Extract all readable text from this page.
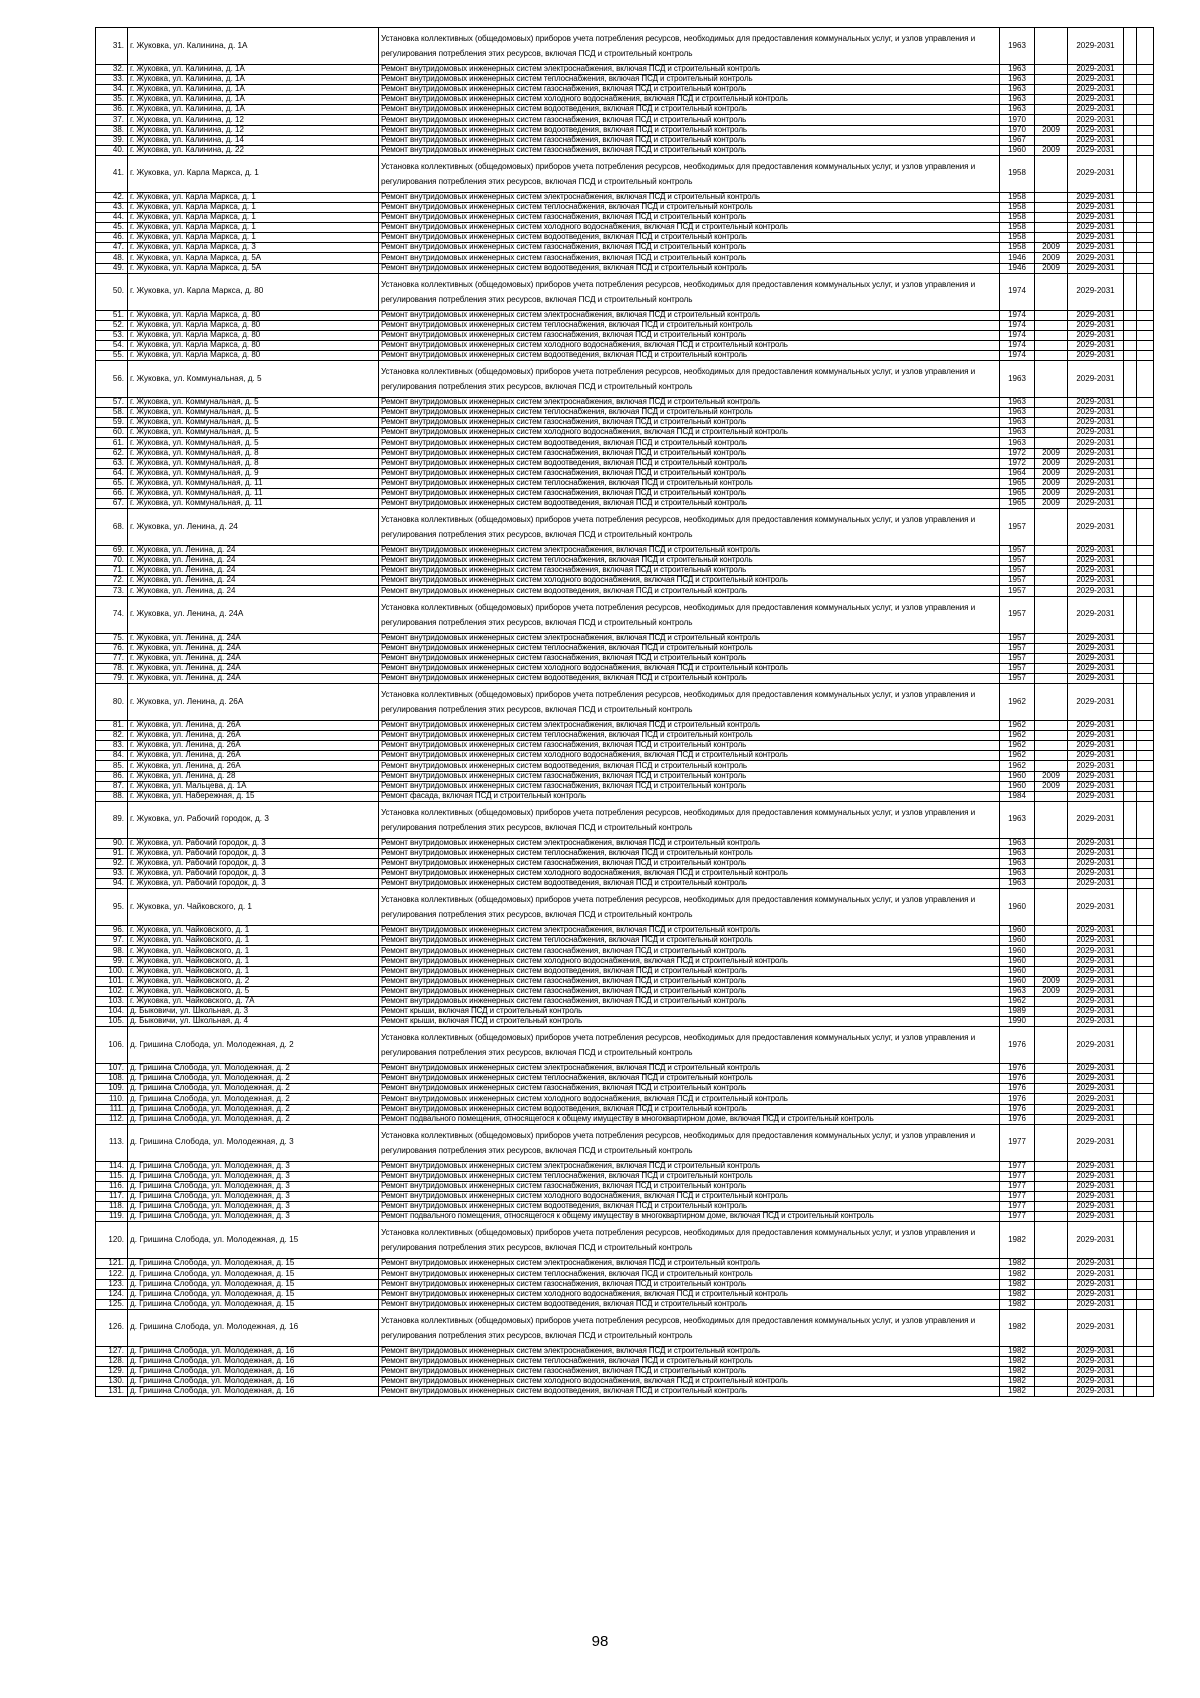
31.	г. Жуковка, ул. Калинина, д. 1А	Установка коллективных (общедомовых) приборов учета потребления ресурсов, необходимых для предоставления коммунальных услуг, и узлов управления и регулирования потребления этих ресурсов, включая ПСД и строительный контроль	1963		2029-2031		
32.	г. Жуковка, ул. Калинина, д. 1А	Ремонт внутридомовых инженерных систем электроснабжения, включая ПСД и строительный контроль	1963		2029-2031		
33.	г. Жуковка, ул. Калинина, д. 1А	Ремонт внутридомовых инженерных систем теплоснабжения, включая ПСД и строительный контроль	1963		2029-2031		
34.	г. Жуковка, ул. Калинина, д. 1А	Ремонт внутридомовых инженерных систем газоснабжения, включая ПСД и строительный контроль	1963		2029-2031		
35.	г. Жуковка, ул. Калинина, д. 1А	Ремонт внутридомовых инженерных систем холодного водоснабжения, включая ПСД и строительный контроль	1963		2029-2031		
36.	г. Жуковка, ул. Калинина, д. 1А	Ремонт внутридомовых инженерных систем водоотведения, включая ПСД и строительный контроль	1963		2029-2031		
37.	г. Жуковка, ул. Калинина, д. 12	Ремонт внутридомовых инженерных систем газоснабжения, включая ПСД и строительный контроль	1970		2029-2031		
38.	г. Жуковка, ул. Калинина, д. 12	Ремонт внутридомовых инженерных систем водоотведения, включая ПСД и строительный контроль	1970	2009	2029-2031		
39.	г. Жуковка, ул. Калинина, д. 14	Ремонт внутридомовых инженерных систем газоснабжения, включая ПСД и строительный контроль	1967		2029-2031		
40.	г. Жуковка, ул. Калинина, д. 22	Ремонт внутридомовых инженерных систем газоснабжения, включая ПСД и строительный контроль	1960	2009	2029-2031		
41.	г. Жуковка, ул. Карла Маркса, д. 1	Установка коллективных (общедомовых) приборов учета потребления ресурсов, необходимых для предоставления коммунальных услуг, и узлов управления и регулирования потребления этих ресурсов, включая ПСД и строительный контроль	1958		2029-2031		
42.	г. Жуковка, ул. Карла Маркса, д. 1	Ремонт внутридомовых инженерных систем электроснабжения, включая ПСД и строительный контроль	1958		2029-2031		
43.	г. Жуковка, ул. Карла Маркса, д. 1	Ремонт внутридомовых инженерных систем теплоснабжения, включая ПСД и строительный контроль	1958		2029-2031		
44.	г. Жуковка, ул. Карла Маркса, д. 1	Ремонт внутридомовых инженерных систем газоснабжения, включая ПСД и строительный контроль	1958		2029-2031		
45.	г. Жуковка, ул. Карла Маркса, д. 1	Ремонт внутридомовых инженерных систем холодного водоснабжения, включая ПСД и строительный контроль	1958		2029-2031		
46.	г. Жуковка, ул. Карла Маркса, д. 1	Ремонт внутридомовых инженерных систем водоотведения, включая ПСД и строительный контроль	1958		2029-2031		
47.	г. Жуковка, ул. Карла Маркса, д. 3	Ремонт внутридомовых инженерных систем газоснабжения, включая ПСД и строительный контроль	1958	2009	2029-2031		
48.	г. Жуковка, ул. Карла Маркса, д. 5А	Ремонт внутридомовых инженерных систем газоснабжения, включая ПСД и строительный контроль	1946	2009	2029-2031		
49.	г. Жуковка, ул. Карла Маркса, д. 5А	Ремонт внутридомовых инженерных систем водоотведения, включая ПСД и строительный контроль	1946	2009	2029-2031		
50.	г. Жуковка, ул. Карла Маркса, д. 80	Установка коллективных (общедомовых) приборов учета потребления ресурсов, необходимых для предоставления коммунальных услуг, и узлов управления и регулирования потребления этих ресурсов, включая ПСД и строительный контроль	1974		2029-2031		
51.	г. Жуковка, ул. Карла Маркса, д. 80	Ремонт внутридомовых инженерных систем электроснабжения, включая ПСД и строительный контроль	1974		2029-2031		
52.	г. Жуковка, ул. Карла Маркса, д. 80	Ремонт внутридомовых инженерных систем теплоснабжения, включая ПСД и строительный контроль	1974		2029-2031		
53.	г. Жуковка, ул. Карла Маркса, д. 80	Ремонт внутридомовых инженерных систем газоснабжения, включая ПСД и строительный контроль	1974		2029-2031		
54.	г. Жуковка, ул. Карла Маркса, д. 80	Ремонт внутридомовых инженерных систем холодного водоснабжения, включая ПСД и строительный контроль	1974		2029-2031		
55.	г. Жуковка, ул. Карла Маркса, д. 80	Ремонт внутридомовых инженерных систем водоотведения, включая ПСД и строительный контроль	1974		2029-2031		
56.	г. Жуковка, ул. Коммунальная, д. 5	Установка коллективных (общедомовых) приборов учета потребления ресурсов, необходимых для предоставления коммунальных услуг, и узлов управления и регулирования потребления этих ресурсов, включая ПСД и строительный контроль	1963		2029-2031		
57.	г. Жуковка, ул. Коммунальная, д. 5	Ремонт внутридомовых инженерных систем электроснабжения, включая ПСД и строительный контроль	1963		2029-2031		
58.	г. Жуковка, ул. Коммунальная, д. 5	Ремонт внутридомовых инженерных систем теплоснабжения, включая ПСД и строительный контроль	1963		2029-2031		
59.	г. Жуковка, ул. Коммунальная, д. 5	Ремонт внутридомовых инженерных систем газоснабжения, включая ПСД и строительный контроль	1963		2029-2031		
60.	г. Жуковка, ул. Коммунальная, д. 5	Ремонт внутридомовых инженерных систем холодного водоснабжения, включая ПСД и строительный контроль	1963		2029-2031		
61.	г. Жуковка, ул. Коммунальная, д. 5	Ремонт внутридомовых инженерных систем водоотведения, включая ПСД и строительный контроль	1963		2029-2031		
62.	г. Жуковка, ул. Коммунальная, д. 8	Ремонт внутридомовых инженерных систем газоснабжения, включая ПСД и строительный контроль	1972	2009	2029-2031		
63.	г. Жуковка, ул. Коммунальная, д. 8	Ремонт внутридомовых инженерных систем водоотведения, включая ПСД и строительный контроль	1972	2009	2029-2031		
64.	г. Жуковка, ул. Коммунальная, д. 9	Ремонт внутридомовых инженерных систем газоснабжения, включая ПСД и строительный контроль	1964	2009	2029-2031		
65.	г. Жуковка, ул. Коммунальная, д. 11	Ремонт внутридомовых инженерных систем теплоснабжения, включая ПСД и строительный контроль	1965	2009	2029-2031		
66.	г. Жуковка, ул. Коммунальная, д. 11	Ремонт внутридомовых инженерных систем газоснабжения, включая ПСД и строительный контроль	1965	2009	2029-2031		
67.	г. Жуковка, ул. Коммунальная, д. 11	Ремонт внутридомовых инженерных систем водоотведения, включая ПСД и строительный контроль	1965	2009	2029-2031		
68.	г. Жуковка, ул. Ленина, д. 24	Установка коллективных (общедомовых) приборов учета потребления ресурсов, необходимых для предоставления коммунальных услуг, и узлов управления и регулирования потребления этих ресурсов, включая ПСД и строительный контроль	1957		2029-2031		
69.	г. Жуковка, ул. Ленина, д. 24	Ремонт внутридомовых инженерных систем электроснабжения, включая ПСД и строительный контроль	1957		2029-2031		
70.	г. Жуковка, ул. Ленина, д. 24	Ремонт внутридомовых инженерных систем теплоснабжения, включая ПСД и строительный контроль	1957		2029-2031		
71.	г. Жуковка, ул. Ленина, д. 24	Ремонт внутридомовых инженерных систем газоснабжения, включая ПСД и строительный контроль	1957		2029-2031		
72.	г. Жуковка, ул. Ленина, д. 24	Ремонт внутридомовых инженерных систем холодного водоснабжения, включая ПСД и строительный контроль	1957		2029-2031		
73.	г. Жуковка, ул. Ленина, д. 24	Ремонт внутридомовых инженерных систем водоотведения, включая ПСД и строительный контроль	1957		2029-2031		
74.	г. Жуковка, ул. Ленина, д. 24А	Установка коллективных (общедомовых) приборов учета потребления ресурсов, необходимых для предоставления коммунальных услуг, и узлов управления и регулирования потребления этих ресурсов, включая ПСД и строительный контроль	1957		2029-2031		
75.	г. Жуковка, ул. Ленина, д. 24А	Ремонт внутридомовых инженерных систем электроснабжения, включая ПСД и строительный контроль	1957		2029-2031		
76.	г. Жуковка, ул. Ленина, д. 24А	Ремонт внутридомовых инженерных систем теплоснабжения, включая ПСД и строительный контроль	1957		2029-2031		
77.	г. Жуковка, ул. Ленина, д. 24А	Ремонт внутридомовых инженерных систем газоснабжения, включая ПСД и строительный контроль	1957		2029-2031		
78.	г. Жуковка, ул. Ленина, д. 24А	Ремонт внутридомовых инженерных систем холодного водоснабжения, включая ПСД и строительный контроль	1957		2029-2031		
79.	г. Жуковка, ул. Ленина, д. 24А	Ремонт внутридомовых инженерных систем водоотведения, включая ПСД и строительный контроль	1957		2029-2031		
80.	г. Жуковка, ул. Ленина, д. 26А	Установка коллективных (общедомовых) приборов учета потребления ресурсов, необходимых для предоставления коммунальных услуг, и узлов управления и регулирования потребления этих ресурсов, включая ПСД и строительный контроль	1962		2029-2031		
81.	г. Жуковка, ул. Ленина, д. 26А	Ремонт внутридомовых инженерных систем электроснабжения, включая ПСД и строительный контроль	1962		2029-2031		
82.	г. Жуковка, ул. Ленина, д. 26А	Ремонт внутридомовых инженерных систем теплоснабжения, включая ПСД и строительный контроль	1962		2029-2031		
83.	г. Жуковка, ул. Ленина, д. 26А	Ремонт внутридомовых инженерных систем газоснабжения, включая ПСД и строительный контроль	1962		2029-2031		
84.	г. Жуковка, ул. Ленина, д. 26А	Ремонт внутридомовых инженерных систем холодного водоснабжения, включая ПСД и строительный контроль	1962		2029-2031		
85.	г. Жуковка, ул. Ленина, д. 26А	Ремонт внутридомовых инженерных систем водоотведения, включая ПСД и строительный контроль	1962		2029-2031		
86.	г. Жуковка, ул. Ленина, д. 28	Ремонт внутридомовых инженерных систем газоснабжения, включая ПСД и строительный контроль	1960	2009	2029-2031		
87.	г. Жуковка, ул. Мальцева, д. 1А	Ремонт внутридомовых инженерных систем газоснабжения, включая ПСД и строительный контроль	1960	2009	2029-2031		
88.	г. Жуковка, ул. Набережная, д. 15	Ремонт фасада, включая ПСД и строительный контроль	1984		2029-2031		
89.	г. Жуковка, ул. Рабочий городок, д. 3	Установка коллективных (общедомовых) приборов учета потребления ресурсов, необходимых для предоставления коммунальных услуг, и узлов управления и регулирования потребления этих ресурсов, включая ПСД и строительный контроль	1963		2029-2031		
90.	г. Жуковка, ул. Рабочий городок, д. 3	Ремонт внутридомовых инженерных систем электроснабжения, включая ПСД и строительный контроль	1963		2029-2031		
91.	г. Жуковка, ул. Рабочий городок, д. 3	Ремонт внутридомовых инженерных систем теплоснабжения, включая ПСД и строительный контроль	1963		2029-2031		
92.	г. Жуковка, ул. Рабочий городок, д. 3	Ремонт внутридомовых инженерных систем газоснабжения, включая ПСД и строительный контроль	1963		2029-2031		
93.	г. Жуковка, ул. Рабочий городок, д. 3	Ремонт внутридомовых инженерных систем холодного водоснабжения, включая ПСД и строительный контроль	1963		2029-2031		
94.	г. Жуковка, ул. Рабочий городок, д. 3	Ремонт внутридомовых инженерных систем водоотведения, включая ПСД и строительный контроль	1963		2029-2031		
95.	г. Жуковка, ул. Чайковского, д. 1	Установка коллективных (общедомовых) приборов учета потребления ресурсов, необходимых для предоставления коммунальных услуг, и узлов управления и регулирования потребления этих ресурсов, включая ПСД и строительный контроль	1960		2029-2031		
96.	г. Жуковка, ул. Чайковского, д. 1	Ремонт внутридомовых инженерных систем электроснабжения, включая ПСД и строительный контроль	1960		2029-2031		
97.	г. Жуковка, ул. Чайковского, д. 1	Ремонт внутридомовых инженерных систем теплоснабжения, включая ПСД и строительный контроль	1960		2029-2031		
98.	г. Жуковка, ул. Чайковского, д. 1	Ремонт внутридомовых инженерных систем газоснабжения, включая ПСД и строительный контроль	1960		2029-2031		
99.	г. Жуковка, ул. Чайковского, д. 1	Ремонт внутридомовых инженерных систем холодного водоснабжения, включая ПСД и строительный контроль	1960		2029-2031		
100.	г. Жуковка, ул. Чайковского, д. 1	Ремонт внутридомовых инженерных систем водоотведения, включая ПСД и строительный контроль	1960		2029-2031		
101.	г. Жуковка, ул. Чайковского, д. 2	Ремонт внутридомовых инженерных систем газоснабжения, включая ПСД и строительный контроль	1960	2009	2029-2031		
102.	г. Жуковка, ул. Чайковского, д. 5	Ремонт внутридомовых инженерных систем газоснабжения, включая ПСД и строительный контроль	1963	2009	2029-2031		
103.	г. Жуковка, ул. Чайковского, д. 7А	Ремонт внутридомовых инженерных систем газоснабжения, включая ПСД и строительный контроль	1962		2029-2031		
104.	д. Быковичи, ул. Школьная, д. 3	Ремонт крыши, включая ПСД и строительный контроль	1989		2029-2031		
105.	д. Быковичи, ул. Школьная, д. 4	Ремонт крыши, включая ПСД и строительный контроль	1990		2029-2031		
106.	д. Гришина Слобода, ул. Молодежная, д. 2	Установка коллективных (общедомовых) приборов учета потребления ресурсов, необходимых для предоставления коммунальных услуг, и узлов управления и регулирования потребления этих ресурсов, включая ПСД и строительный контроль	1976		2029-2031		
107.	д. Гришина Слобода, ул. Молодежная, д. 2	Ремонт внутридомовых инженерных систем электроснабжения, включая ПСД и строительный контроль	1976		2029-2031		
108.	д. Гришина Слобода, ул. Молодежная, д. 2	Ремонт внутридомовых инженерных систем теплоснабжения, включая ПСД и строительный контроль	1976		2029-2031		
109.	д. Гришина Слобода, ул. Молодежная, д. 2	Ремонт внутридомовых инженерных систем газоснабжения, включая ПСД и строительный контроль	1976		2029-2031		
110.	д. Гришина Слобода, ул. Молодежная, д. 2	Ремонт внутридомовых инженерных систем холодного водоснабжения, включая ПСД и строительный контроль	1976		2029-2031		
111.	д. Гришина Слобода, ул. Молодежная, д. 2	Ремонт внутридомовых инженерных систем водоотведения, включая ПСД и строительный контроль	1976		2029-2031		
112.	д. Гришина Слобода, ул. Молодежная, д. 2	Ремонт подвального помещения, относящегося к общему имуществу в многоквартирном доме, включая ПСД и строительный контроль	1976		2029-2031		
113.	д. Гришина Слобода, ул. Молодежная, д. 3	Установка коллективных (общедомовых) приборов учета потребления ресурсов, необходимых для предоставления коммунальных услуг, и узлов управления и регулирования потребления этих ресурсов, включая ПСД и строительный контроль	1977		2029-2031		
114.	д. Гришина Слобода, ул. Молодежная, д. 3	Ремонт внутридомовых инженерных систем электроснабжения, включая ПСД и строительный контроль	1977		2029-2031		
115.	д. Гришина Слобода, ул. Молодежная, д. 3	Ремонт внутридомовых инженерных систем теплоснабжения, включая ПСД и строительный контроль	1977		2029-2031		
116.	д. Гришина Слобода, ул. Молодежная, д. 3	Ремонт внутридомовых инженерных систем газоснабжения, включая ПСД и строительный контроль	1977		2029-2031		
117.	д. Гришина Слобода, ул. Молодежная, д. 3	Ремонт внутридомовых инженерных систем холодного водоснабжения, включая ПСД и строительный контроль	1977		2029-2031		
118.	д. Гришина Слобода, ул. Молодежная, д. 3	Ремонт внутридомовых инженерных систем водоотведения, включая ПСД и строительный контроль	1977		2029-2031		
119.	д. Гришина Слобода, ул. Молодежная, д. 3	Ремонт подвального помещения, относящегося к общему имуществу в многоквартирном доме, включая ПСД и строительный контроль	1977		2029-2031		
120.	д. Гришина Слобода, ул. Молодежная, д. 15	Установка коллективных (общедомовых) приборов учета потребления ресурсов, необходимых для предоставления коммунальных услуг, и узлов управления и регулирования потребления этих ресурсов, включая ПСД и строительный контроль	1982		2029-2031		
121.	д. Гришина Слобода, ул. Молодежная, д. 15	Ремонт внутридомовых инженерных систем электроснабжения, включая ПСД и строительный контроль	1982		2029-2031		
122.	д. Гришина Слобода, ул. Молодежная, д. 15	Ремонт внутридомовых инженерных систем теплоснабжения, включая ПСД и строительный контроль	1982		2029-2031		
123.	д. Гришина Слобода, ул. Молодежная, д. 15	Ремонт внутридомовых инженерных систем газоснабжения, включая ПСД и строительный контроль	1982		2029-2031		
124.	д. Гришина Слобода, ул. Молодежная, д. 15	Ремонт внутридомовых инженерных систем холодного водоснабжения, включая ПСД и строительный контроль	1982		2029-2031		
125.	д. Гришина Слобода, ул. Молодежная, д. 15	Ремонт внутридомовых инженерных систем водоотведения, включая ПСД и строительный контроль	1982		2029-2031		
126.	д. Гришина Слобода, ул. Молодежная, д. 16	Установка коллективных (общедомовых) приборов учета потребления ресурсов, необходимых для предоставления коммунальных услуг, и узлов управления и регулирования потребления этих ресурсов, включая ПСД и строительный контроль	1982		2029-2031		
127.	д. Гришина Слобода, ул. Молодежная, д. 16	Ремонт внутридомовых инженерных систем электроснабжения, включая ПСД и строительный контроль	1982		2029-2031		
128.	д. Гришина Слобода, ул. Молодежная, д. 16	Ремонт внутридомовых инженерных систем теплоснабжения, включая ПСД и строительный контроль	1982		2029-2031		
129.	д. Гришина Слобода, ул. Молодежная, д. 16	Ремонт внутридомовых инженерных систем газоснабжения, включая ПСД и строительный контроль	1982		2029-2031		
130.	д. Гришина Слобода, ул. Молодежная, д. 16	Ремонт внутридомовых инженерных систем холодного водоснабжения, включая ПСД и строительный контроль	1982		2029-2031		
131.	д. Гришина Слобода, ул. Молодежная, д. 16	Ремонт внутридомовых инженерных систем водоотведения, включая ПСД и строительный контроль	1982		2029-2031		
98
